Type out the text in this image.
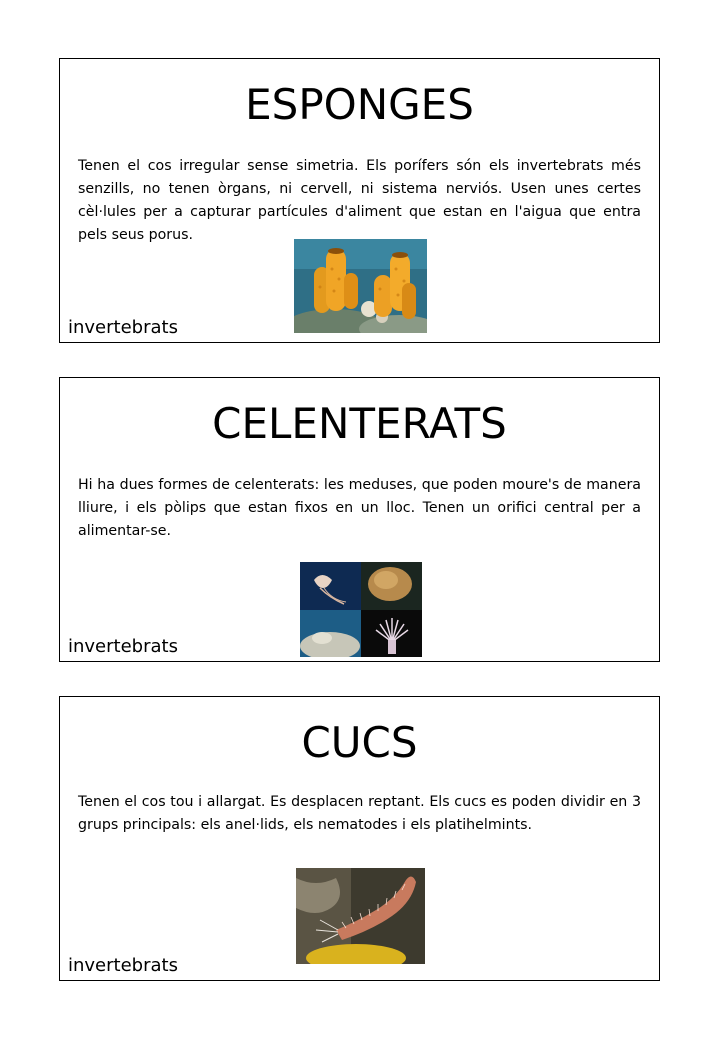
ESPONGES
Tenen el cos irregular sense simetria. Els porífers són els invertebrats més senzills, no tenen òrgans, ni cervell, ni sistema nerviós. Usen unes certes cèl·lules per a capturar partícules d'aliment que estan en l'aigua que entra pels seus porus.
invertebrats
CELENTERATS
Hi ha dues formes de celenterats: les meduses, que poden moure's de manera lliure, i els pòlips que estan fixos en un lloc. Tenen un orifici central per a alimentar-se.
invertebrats
CUCS
Tenen el cos tou i allargat. Es desplacen reptant. Els cucs es poden dividir en 3 grups principals: els anel·lids, els nematodes i els platihelmints.
invertebrats
